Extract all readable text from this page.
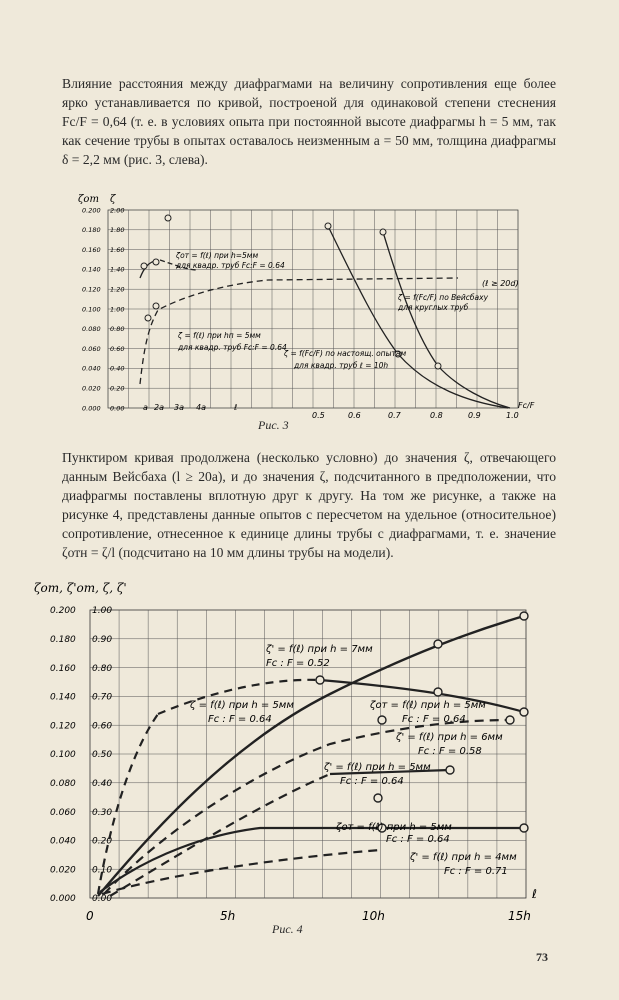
Влияние расстояния между диафрагмами на величину сопротивления еще более ярко устанавливается по кривой, построеной для одинаковой степени стеснения Fc/F = 0,64 (т. е. в условиях опыта при постоянной высоте диафрагмы h = 5 мм, так как сечение трубы в опытах оставалось неизменным a = 50 мм, толщина диафрагмы δ = 2,2 мм (рис. 3, слева).
0.200
0.180
0.160
0.140
0.120
0.100
0.080
0.060
0.040
0.020
0.000
2.00
1.80
1.60
1.40
1.20
1.00
0.80
0.60
0.40
0.20
0.00
ζот ζ
a 2a 3a 4a	ℓ
0.5	0.6	0.7	0.8	0.9	1.0
Fc/F
ζот = f(ℓ) при h=5мм
для квадр. труб Fc:F = 0.64
(ℓ ≥ 20d)
ζ = f(Fc/F) по Вейсбаху
для круглых труб
ζ = f(ℓ) при hп = 5мм
для квадр. труб Fc:F = 0.64
ζ = f(Fc/F) по настоящ. опытам
для квадр. труб ℓ = 10h
Рис. 3
Пунктиром кривая продолжена (несколько условно) до значения ζ, отвечающего данным Вейсбаха (l ≥ 20a), и до значения ζ, подсчитанного в предположении, что диафрагмы поставлены вплотную друг к другу. На том же рисунке, а также на рисунке 4, представлены данные опытов с пересчетом на удельное (относительное) сопротивление, отнесенное к единице длины трубы с диафрагмами, т. е. значение ζотн = ζ/l (подсчитано на 10 мм длины трубы на модели).
ζот, ζ'от, ζ, ζ'
0.200
0.180
0.160
0.140
0.120
0.100
0.080
0.060
0.040
0.020
0.000
1.00
0.90
0.80
0.70
0.60
0.50
0.40
0.30
0.20
0.10
0.00
0	5h	10h	15h
ℓ
ζ' = f(ℓ) при h = 7мм
Fc : F = 0.52
ζ = f(ℓ) при h = 5мм
Fc : F = 0.64
ζот = f(ℓ) при h = 5мм
Fc : F = 0.64
ζ' = f(ℓ) при h = 6мм
Fc : F = 0.58
ζ' = f(ℓ) при h = 5мм
Fc : F = 0.64
ζот = f(ℓ) при h = 5мм
Fc : F = 0.64
ζ' = f(ℓ) при h = 4мм
Fc : F = 0.71
Рис. 4
73
